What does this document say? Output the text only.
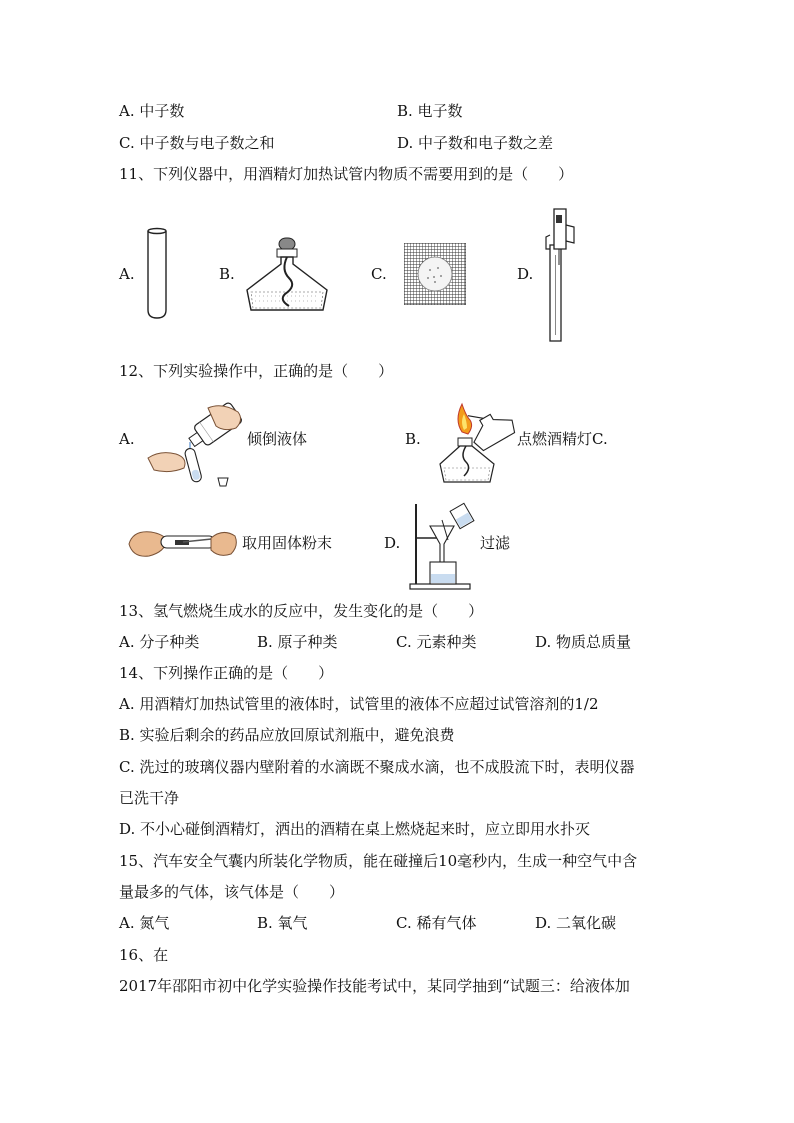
A. 中子数	B. 电子数
C. 中子数与电子数之和	D. 中子数和电子数之差
11、下列仪器中，用酒精灯加热试管内物质不需要用到的是（　　）
A.	B.	C.	D.
12、下列实验操作中，正确的是（　　）
A.	倾倒液体	B.	点燃酒精灯C.
取用固体粉末	D.	过滤
13、氢气燃烧生成水的反应中，发生变化的是（　　）
A. 分子种类	B. 原子种类	C. 元素种类	D. 物质总质量
14、下列操作正确的是（　　）
A. 用酒精灯加热试管里的液体时，试管里的液体不应超过试管溶剂的1/2
B. 实验后剩余的药品应放回原试剂瓶中，避免浪费
C. 洗过的玻璃仪器内壁附着的水滴既不聚成水滴，也不成股流下时，表明仪器
已洗干净
D. 不小心碰倒酒精灯，洒出的酒精在桌上燃烧起来时，应立即用水扑灭
15、汽车安全气囊内所装化学物质，能在碰撞后10毫秒内，生成一种空气中含
量最多的气体，该气体是（　　）
A. 氮气	B. 氧气	C. 稀有气体	D. 二氧化碳
16、在
2017年邵阳市初中化学实验操作技能考试中，某同学抽到“试题三：给液体加
